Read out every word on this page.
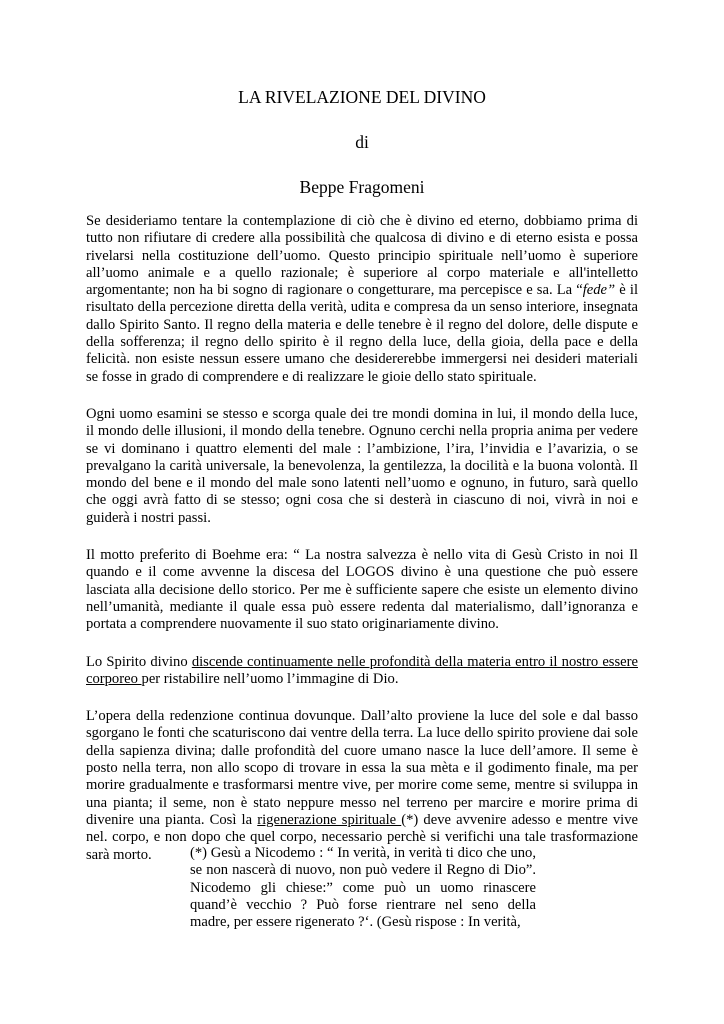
LA RIVELAZIONE DEL DIVINO

di

Beppe Fragomeni

Se desideriamo tentare la contemplazione di ciò che è divino ed eterno, dobbiamo prima di tutto non rifiutare di credere alla possibilità che qualcosa di divino e di eterno esista e possa rivelarsi nella costituzione dell’uomo. Questo principio spirituale nell’uomo è superiore all’uomo animale e a quello razionale; è superiore al corpo materiale e all'intelletto argomentante; non ha bi sogno di ragionare o congetturare, ma percepisce e sa. La “fede” è il risultato della percezione diretta della verità, udita e compresa da un senso interiore, insegnata dallo Spirito Santo. Il regno della materia e delle tenebre è il regno del dolore, delle dispute e della sofferenza; il regno dello spirito è il regno della luce, della gioia, della pace e della felicità. non esiste nessun essere umano che desidererebbe immergersi nei desideri materiali se fosse in grado di comprendere e di realizzare le gioie dello stato spirituale.

Ogni uomo esamini se stesso e scorga quale dei tre mondi domina in lui, il mondo della luce, il mondo delle illusioni, il mondo della tenebre. Ognuno cerchi nella propria anima per vedere se vi dominano i quattro elementi del male : l’ambizione, l’ira, l’invidia e l’avarizia, o se prevalgano la carità universale, la benevolenza, la gentilezza, la docilità e la buona volontà. Il mondo del bene e il mondo del male sono latenti nell’uomo e ognuno, in futuro, sarà quello che oggi avrà fatto di se stesso; ogni cosa che si desterà in ciascuno di noi, vivrà in noi e guiderà i nostri passi.

Il motto preferito di Boehme era: “ La nostra salvezza è nello vita di Gesù Cristo in noi Il quando e il come avvenne la discesa del LOGOS divino è una questione che può essere lasciata alla decisione dello storico. Per me è sufficiente sapere che esiste un elemento divino nell’umanità, mediante il quale essa può essere redenta dal materialismo, dall’ignoranza e portata a comprendere nuovamente il suo stato originariamente divino.

Lo Spirito divino discende continuamente nelle profondità della materia entro il nostro essere corporeo per ristabilire nell’uomo l’immagine di Dio.

L’opera della redenzione continua dovunque. Dall’alto proviene la luce del sole e dal basso sgorgano le fonti che scaturiscono dai ventre della terra. La luce dello spirito proviene dai sole della sapienza divina; dalle profondità del cuore umano nasce la luce dell’amore. Il seme è posto nella terra, non allo scopo di trovare in essa la sua mèta e il godimento finale, ma per morire gradualmente e trasformarsi mentre vive, per morire come seme, mentre si sviluppa in una pianta; il seme, non è stato neppure messo nel terreno per marcire e morire prima di divenire una pianta. Così la rigenerazione spirituale (*) deve avvenire adesso e mentre vive nel. corpo, e non dopo che quel corpo, necessario perchè si verifichi una tale trasformazione sarà morto.	(*) Gesù a Nicodemo : “ In verità, in verità ti dico che uno, se non nascerà di nuovo, non può vedere il Regno di Dio”. Nicodemo gli chiese:” come può un uomo rinascere quand’è vecchio ? Può forse rientrare nel seno della madre, per essere rigenerato ?‘. (Gesù rispose : In verità,
